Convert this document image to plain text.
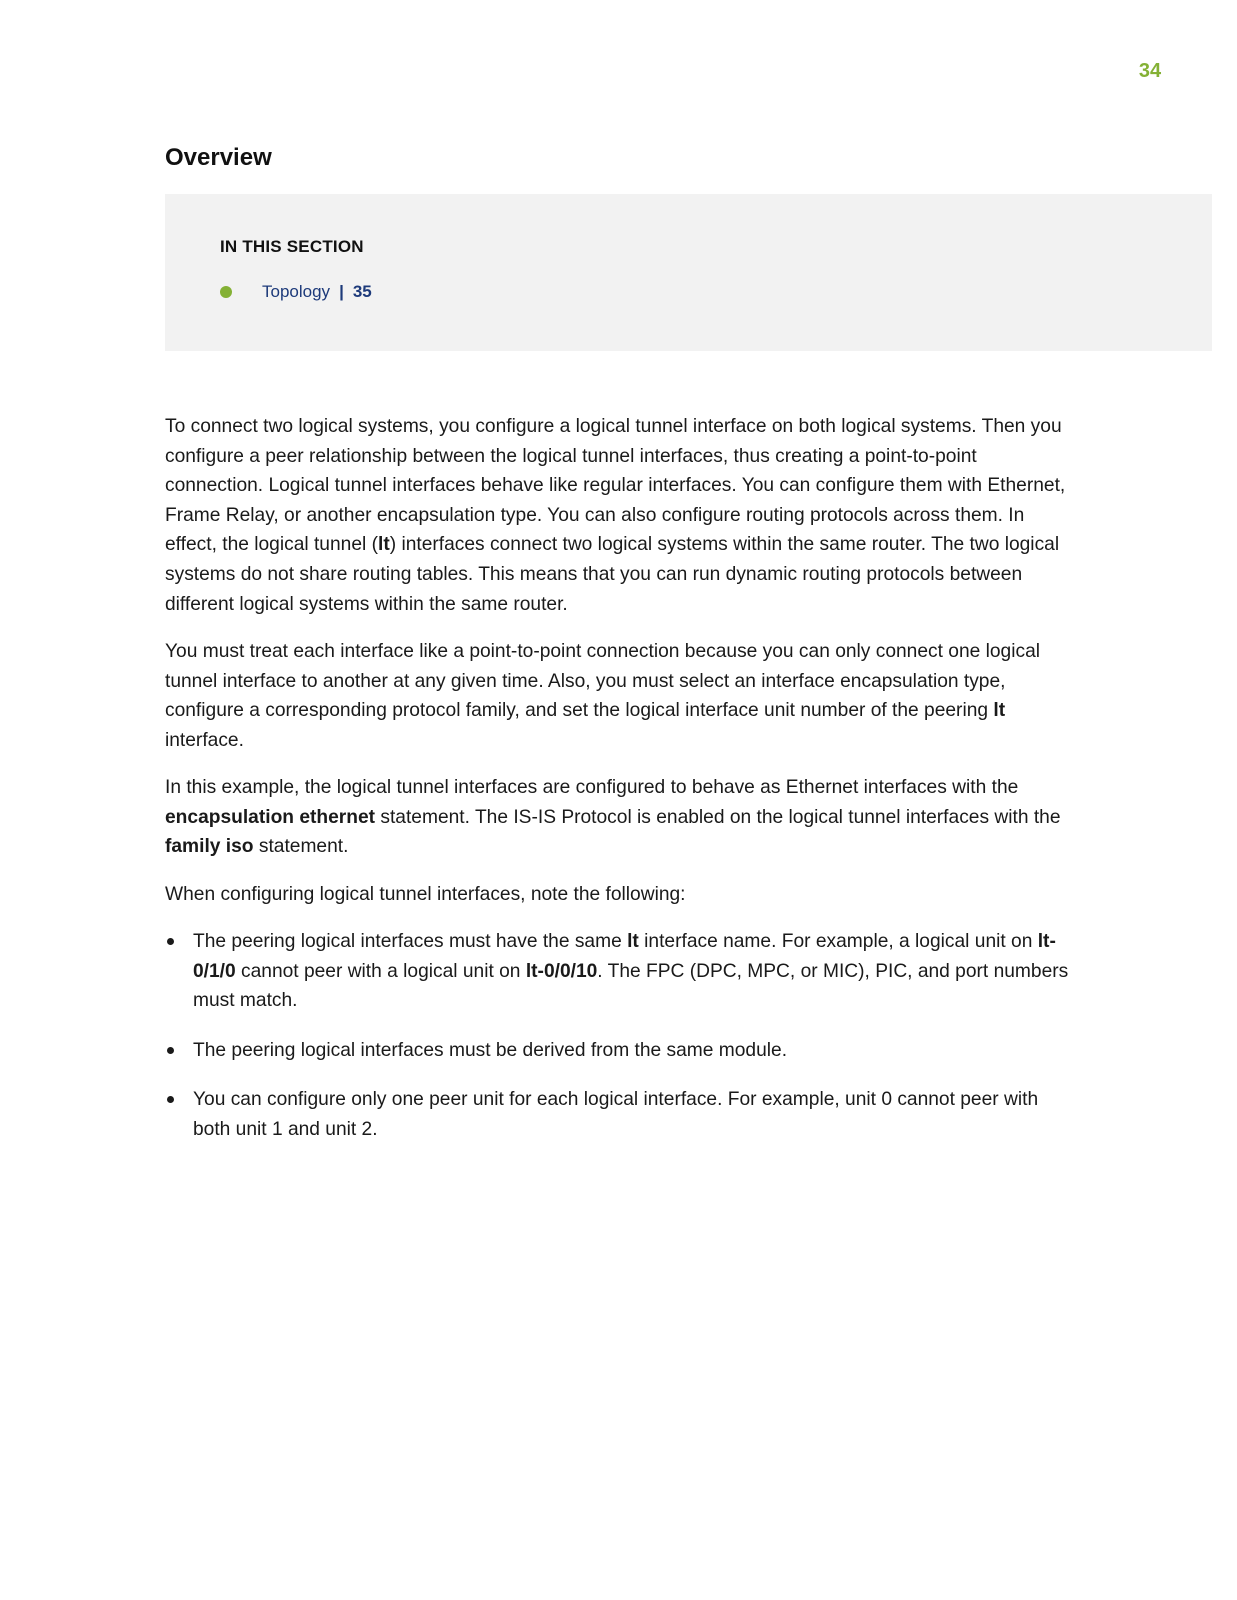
34
Overview
IN THIS SECTION
Topology | 35

To connect two logical systems, you configure a logical tunnel interface on both logical systems. Then you configure a peer relationship between the logical tunnel interfaces, thus creating a point-to-point connection. Logical tunnel interfaces behave like regular interfaces. You can configure them with Ethernet, Frame Relay, or another encapsulation type. You can also configure routing protocols across them. In effect, the logical tunnel (lt) interfaces connect two logical systems within the same router. The two logical systems do not share routing tables. This means that you can run dynamic routing protocols between different logical systems within the same router.

You must treat each interface like a point-to-point connection because you can only connect one logical tunnel interface to another at any given time. Also, you must select an interface encapsulation type, configure a corresponding protocol family, and set the logical interface unit number of the peering lt interface.

In this example, the logical tunnel interfaces are configured to behave as Ethernet interfaces with the encapsulation ethernet statement. The IS-IS Protocol is enabled on the logical tunnel interfaces with the family iso statement.

When configuring logical tunnel interfaces, note the following:

The peering logical interfaces must have the same lt interface name. For example, a logical unit on lt-0/1/0 cannot peer with a logical unit on lt-0/0/10. The FPC (DPC, MPC, or MIC), PIC, and port numbers must match.
The peering logical interfaces must be derived from the same module.
You can configure only one peer unit for each logical interface. For example, unit 0 cannot peer with both unit 1 and unit 2.
